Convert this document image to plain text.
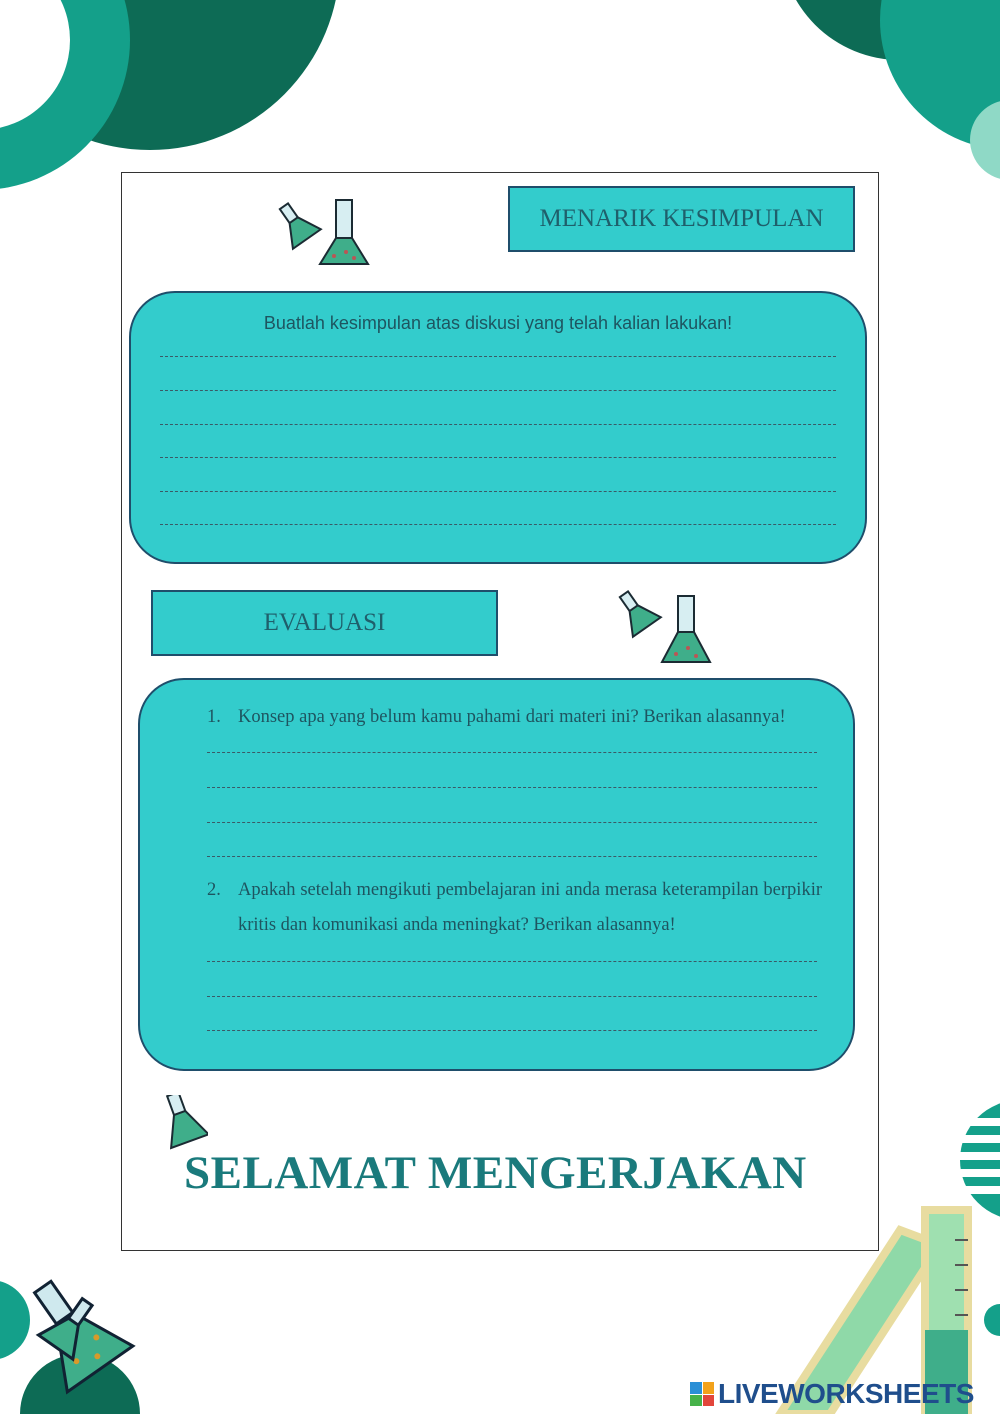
MENARIK KESIMPULAN
Buatlah kesimpulan atas diskusi yang telah kalian lakukan!
EVALUASI
1. Konsep apa yang belum kamu pahami dari materi ini? Berikan alasannya!
2. Apakah setelah mengikuti pembelajaran ini anda merasa keterampilan berpikir kritis dan komunikasi anda meningkat? Berikan alasannya!
SELAMAT MENGERJAKAN
LIVEWORKSHEETS
